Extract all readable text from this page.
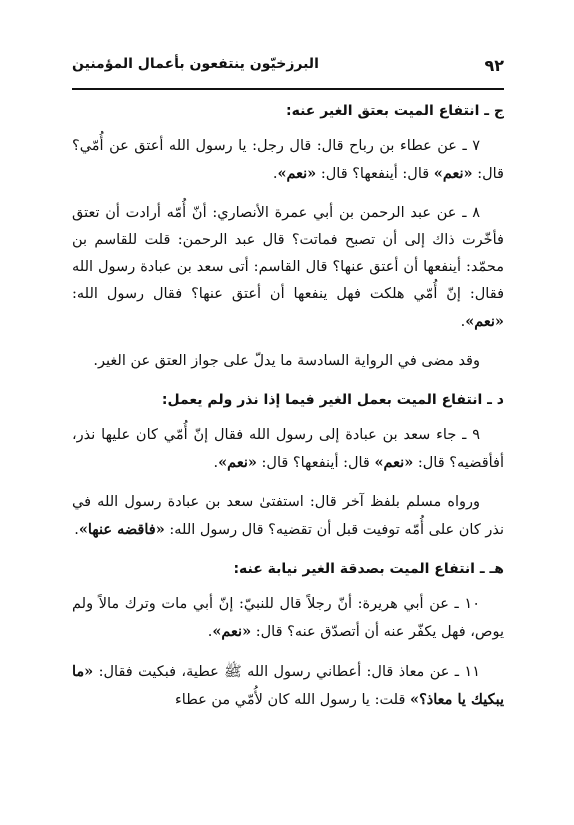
٩٢
البرزخيّون ينتفعون بأعمال المؤمنين
ج ـ انتفاع الميت بعتق الغير عنه:

٧ ـ عن عطاء بن رباح قال: قال رجل: يا رسول الله أعتق عن أُمّي؟ قال: «نعم» قال: أينفعها؟ قال: «نعم».

٨ ـ عن عبد الرحمن بن أبي عمرة الأنصاري: أنّ أُمّه أرادت أن تعتق فأخّرت ذاك إلى أن تصبح فماتت؟ قال عبد الرحمن: قلت للقاسم بن محمّد: أينفعها أن أعتق عنها؟ قال القاسم: أتى سعد بن عبادة رسول الله فقال: إنّ أُمّي هلكت فهل ينفعها أن أعتق عنها؟ فقال رسول الله: «نعم».

وقد مضى في الرواية السادسة ما يدلّ على جواز العتق عن الغير.

د ـ انتفاع الميت بعمل الغير فيما إذا نذر ولم يعمل:

٩ ـ جاء سعد بن عبادة إلى رسول الله فقال إنّ أُمّي كان عليها نذر، أفأقضيه؟ قال: «نعم» قال: أينفعها؟ قال: «نعم».

ورواه مسلم بلفظ آخر قال: استفتىٰ سعد بن عبادة رسول الله في نذر كان على أُمّه توفيت قبل أن تقضيه؟ قال رسول الله: «فاقضه عنها».

هـ ـ انتفاع الميت بصدقة الغير نيابة عنه:

١٠ ـ عن أبي هريرة: أنّ رجلاً قال للنبيّ: إنّ أبي مات وترك مالاً ولم يوص، فهل يكفّر عنه أن أتصدّق عنه؟ قال: «نعم».

١١ ـ عن معاذ قال: أعطاني رسول الله ﷺ عطية، فبكيت فقال: «ما يبكيك يا معاذ؟» قلت: يا رسول الله كان لأُمّي من عطاء
